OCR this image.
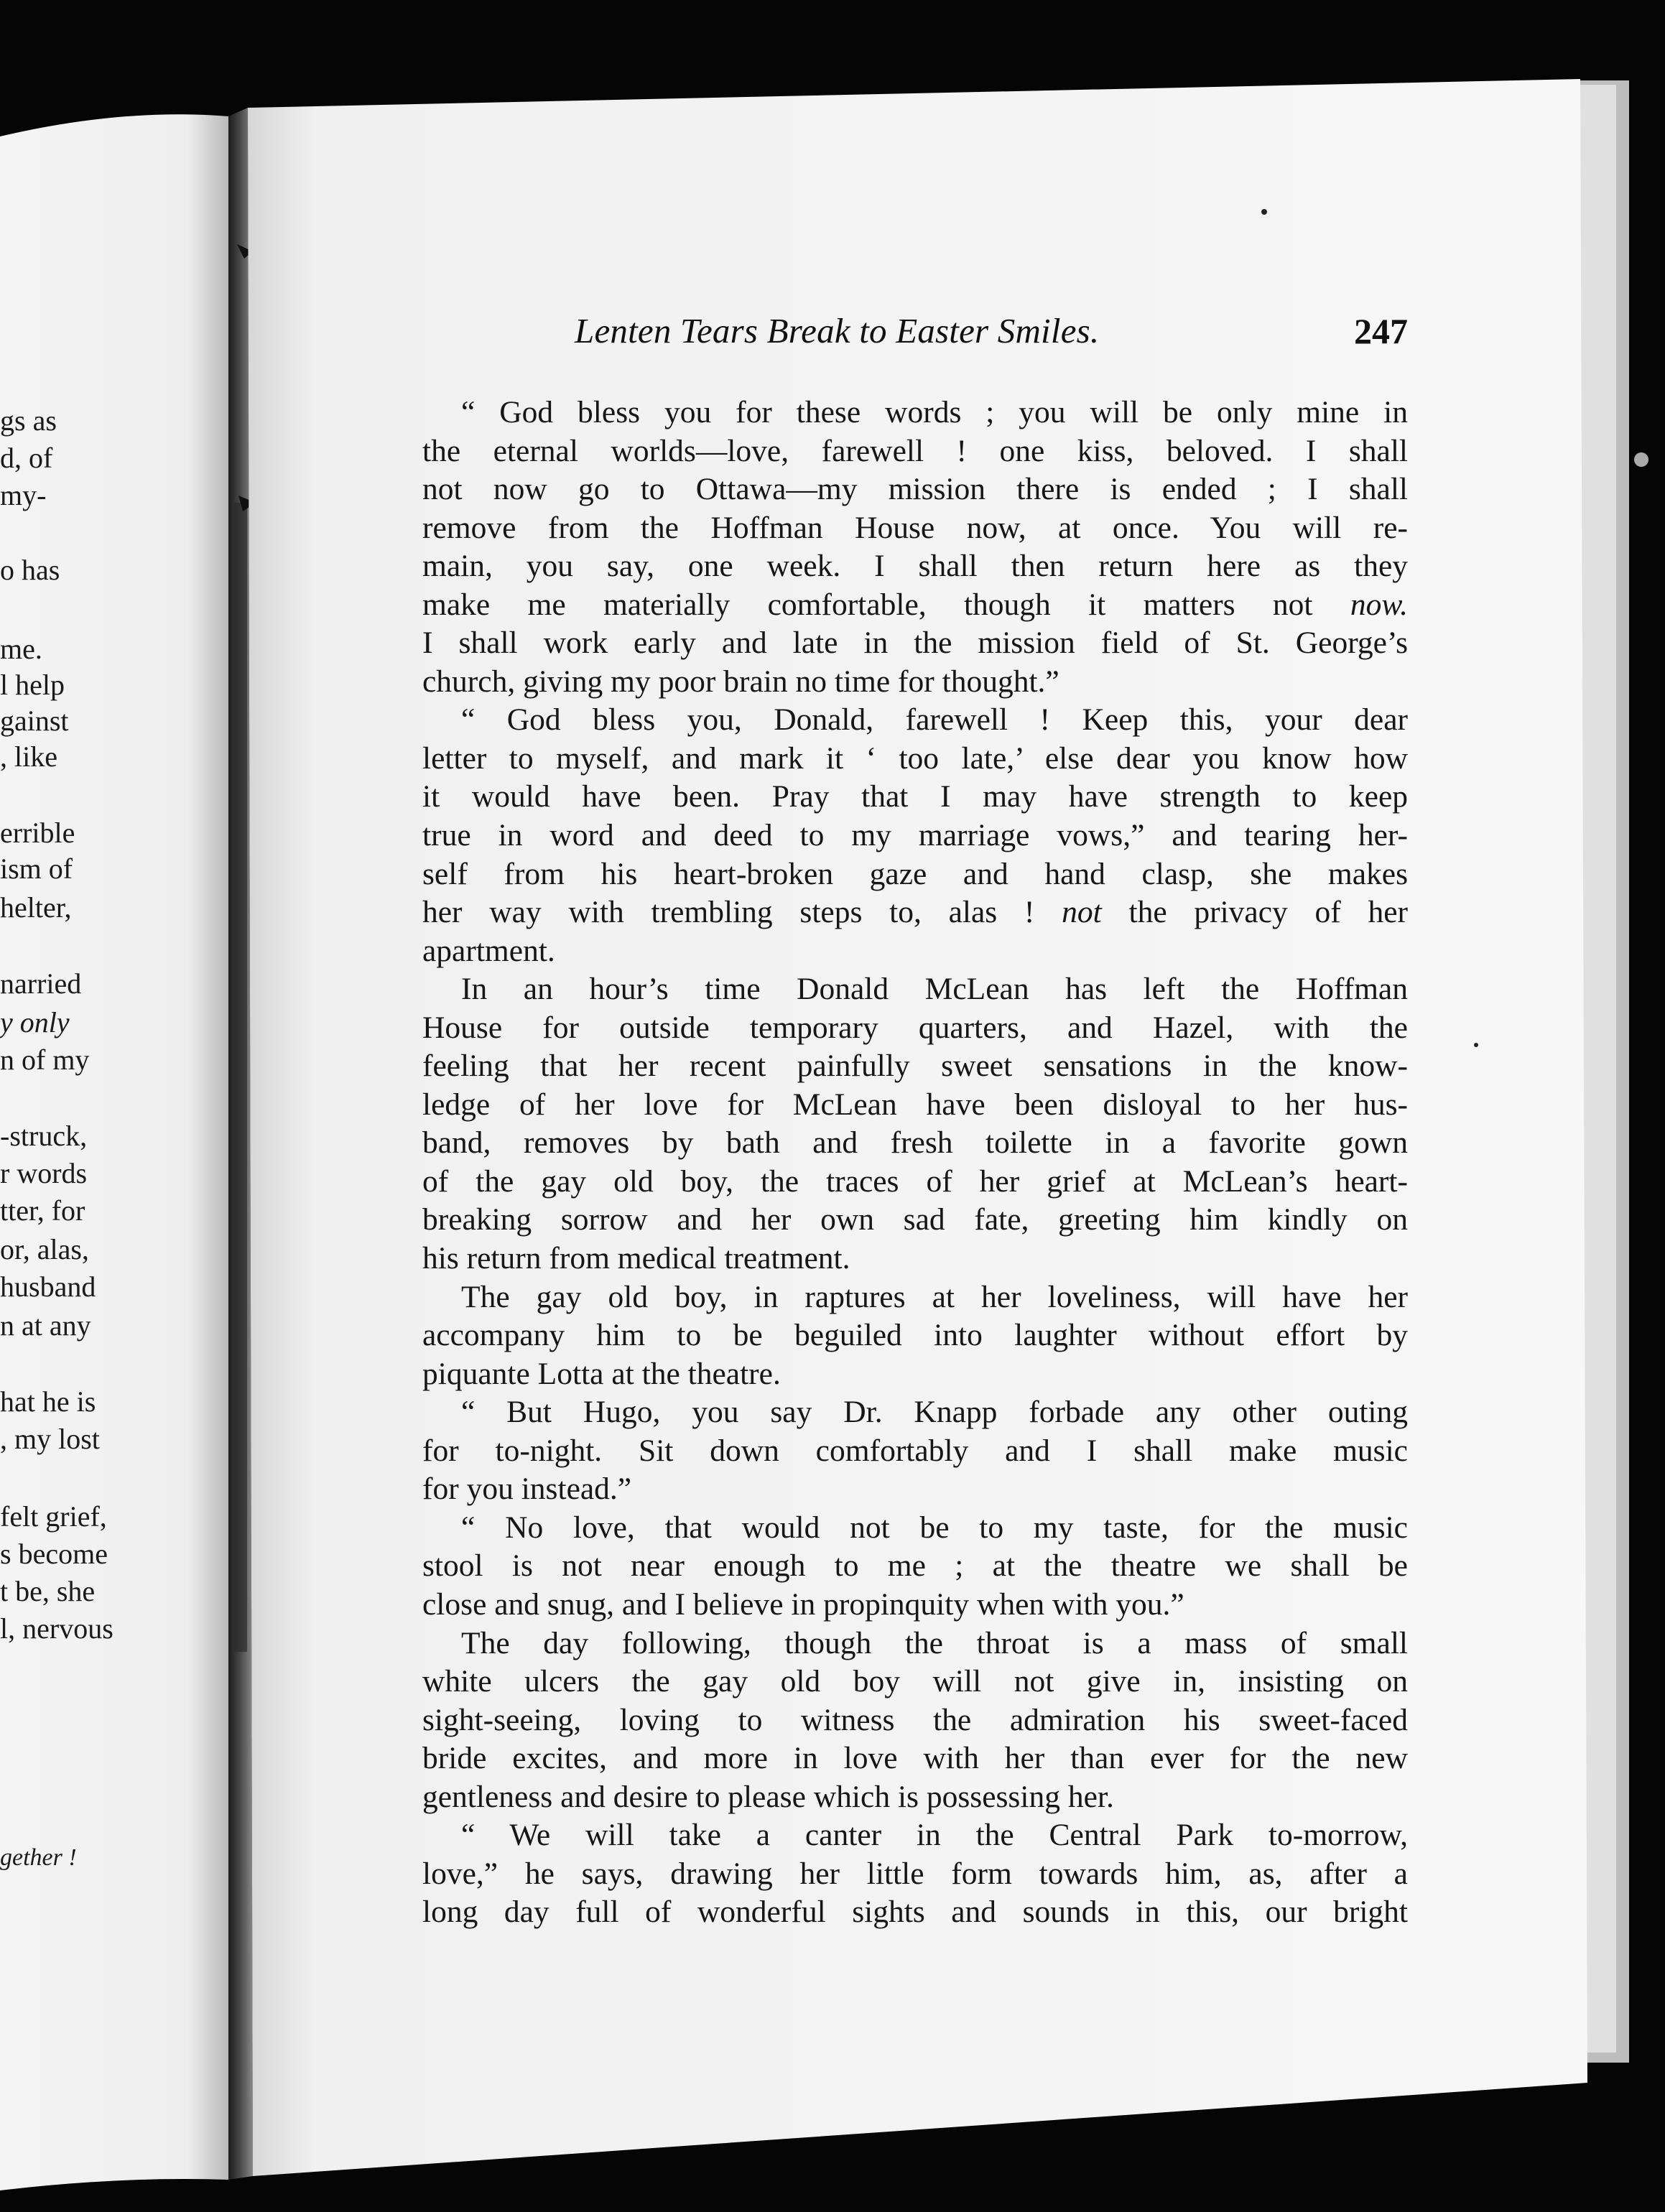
gs as
d, of
my-
o has
me.
l help
gainst
, like
errible
ism of
helter,
narried
y only
n of my
-struck,
r words
tter, for
or, alas,
husband
n at any
hat he is
, my lost
felt grief,
s become
t be, she
l, nervous
gether !
Lenten Tears Break to Easter Smiles.	247
“ God bless you for these words ; you will be only mine in
the eternal worlds—love, farewell ! one kiss, beloved. I shall
not now go to Ottawa—my mission there is ended ; I shall
remove from the Hoffman House now, at once. You will re-
main, you say, one week. I shall then return here as they
make me materially comfortable, though it matters not now.
I shall work early and late in the mission field of St. George’s
church, giving my poor brain no time for thought.”
“ God bless you, Donald, farewell ! Keep this, your dear
letter to myself, and mark it ‘ too late,’ else dear you know how
it would have been. Pray that I may have strength to keep
true in word and deed to my marriage vows,” and tearing her-
self from his heart-broken gaze and hand clasp, she makes
her way with trembling steps to, alas ! not the privacy of her
apartment.
In an hour’s time Donald McLean has left the Hoffman
House for outside temporary quarters, and Hazel, with the
feeling that her recent painfully sweet sensations in the know-
ledge of her love for McLean have been disloyal to her hus-
band, removes by bath and fresh toilette in a favorite gown
of the gay old boy, the traces of her grief at McLean’s heart-
breaking sorrow and her own sad fate, greeting him kindly on
his return from medical treatment.
The gay old boy, in raptures at her loveliness, will have her
accompany him to be beguiled into laughter without effort by
piquante Lotta at the theatre.
“ But Hugo, you say Dr. Knapp forbade any other outing
for to-night. Sit down comfortably and I shall make music
for you instead.”
“ No love, that would not be to my taste, for the music
stool is not near enough to me ; at the theatre we shall be
close and snug, and I believe in propinquity when with you.”
The day following, though the throat is a mass of small
white ulcers the gay old boy will not give in, insisting on
sight-seeing, loving to witness the admiration his sweet-faced
bride excites, and more in love with her than ever for the new
gentleness and desire to please which is possessing her.
“ We will take a canter in the Central Park to-morrow,
love,” he says, drawing her little form towards him, as, after a
long day full of wonderful sights and sounds in this, our bright
